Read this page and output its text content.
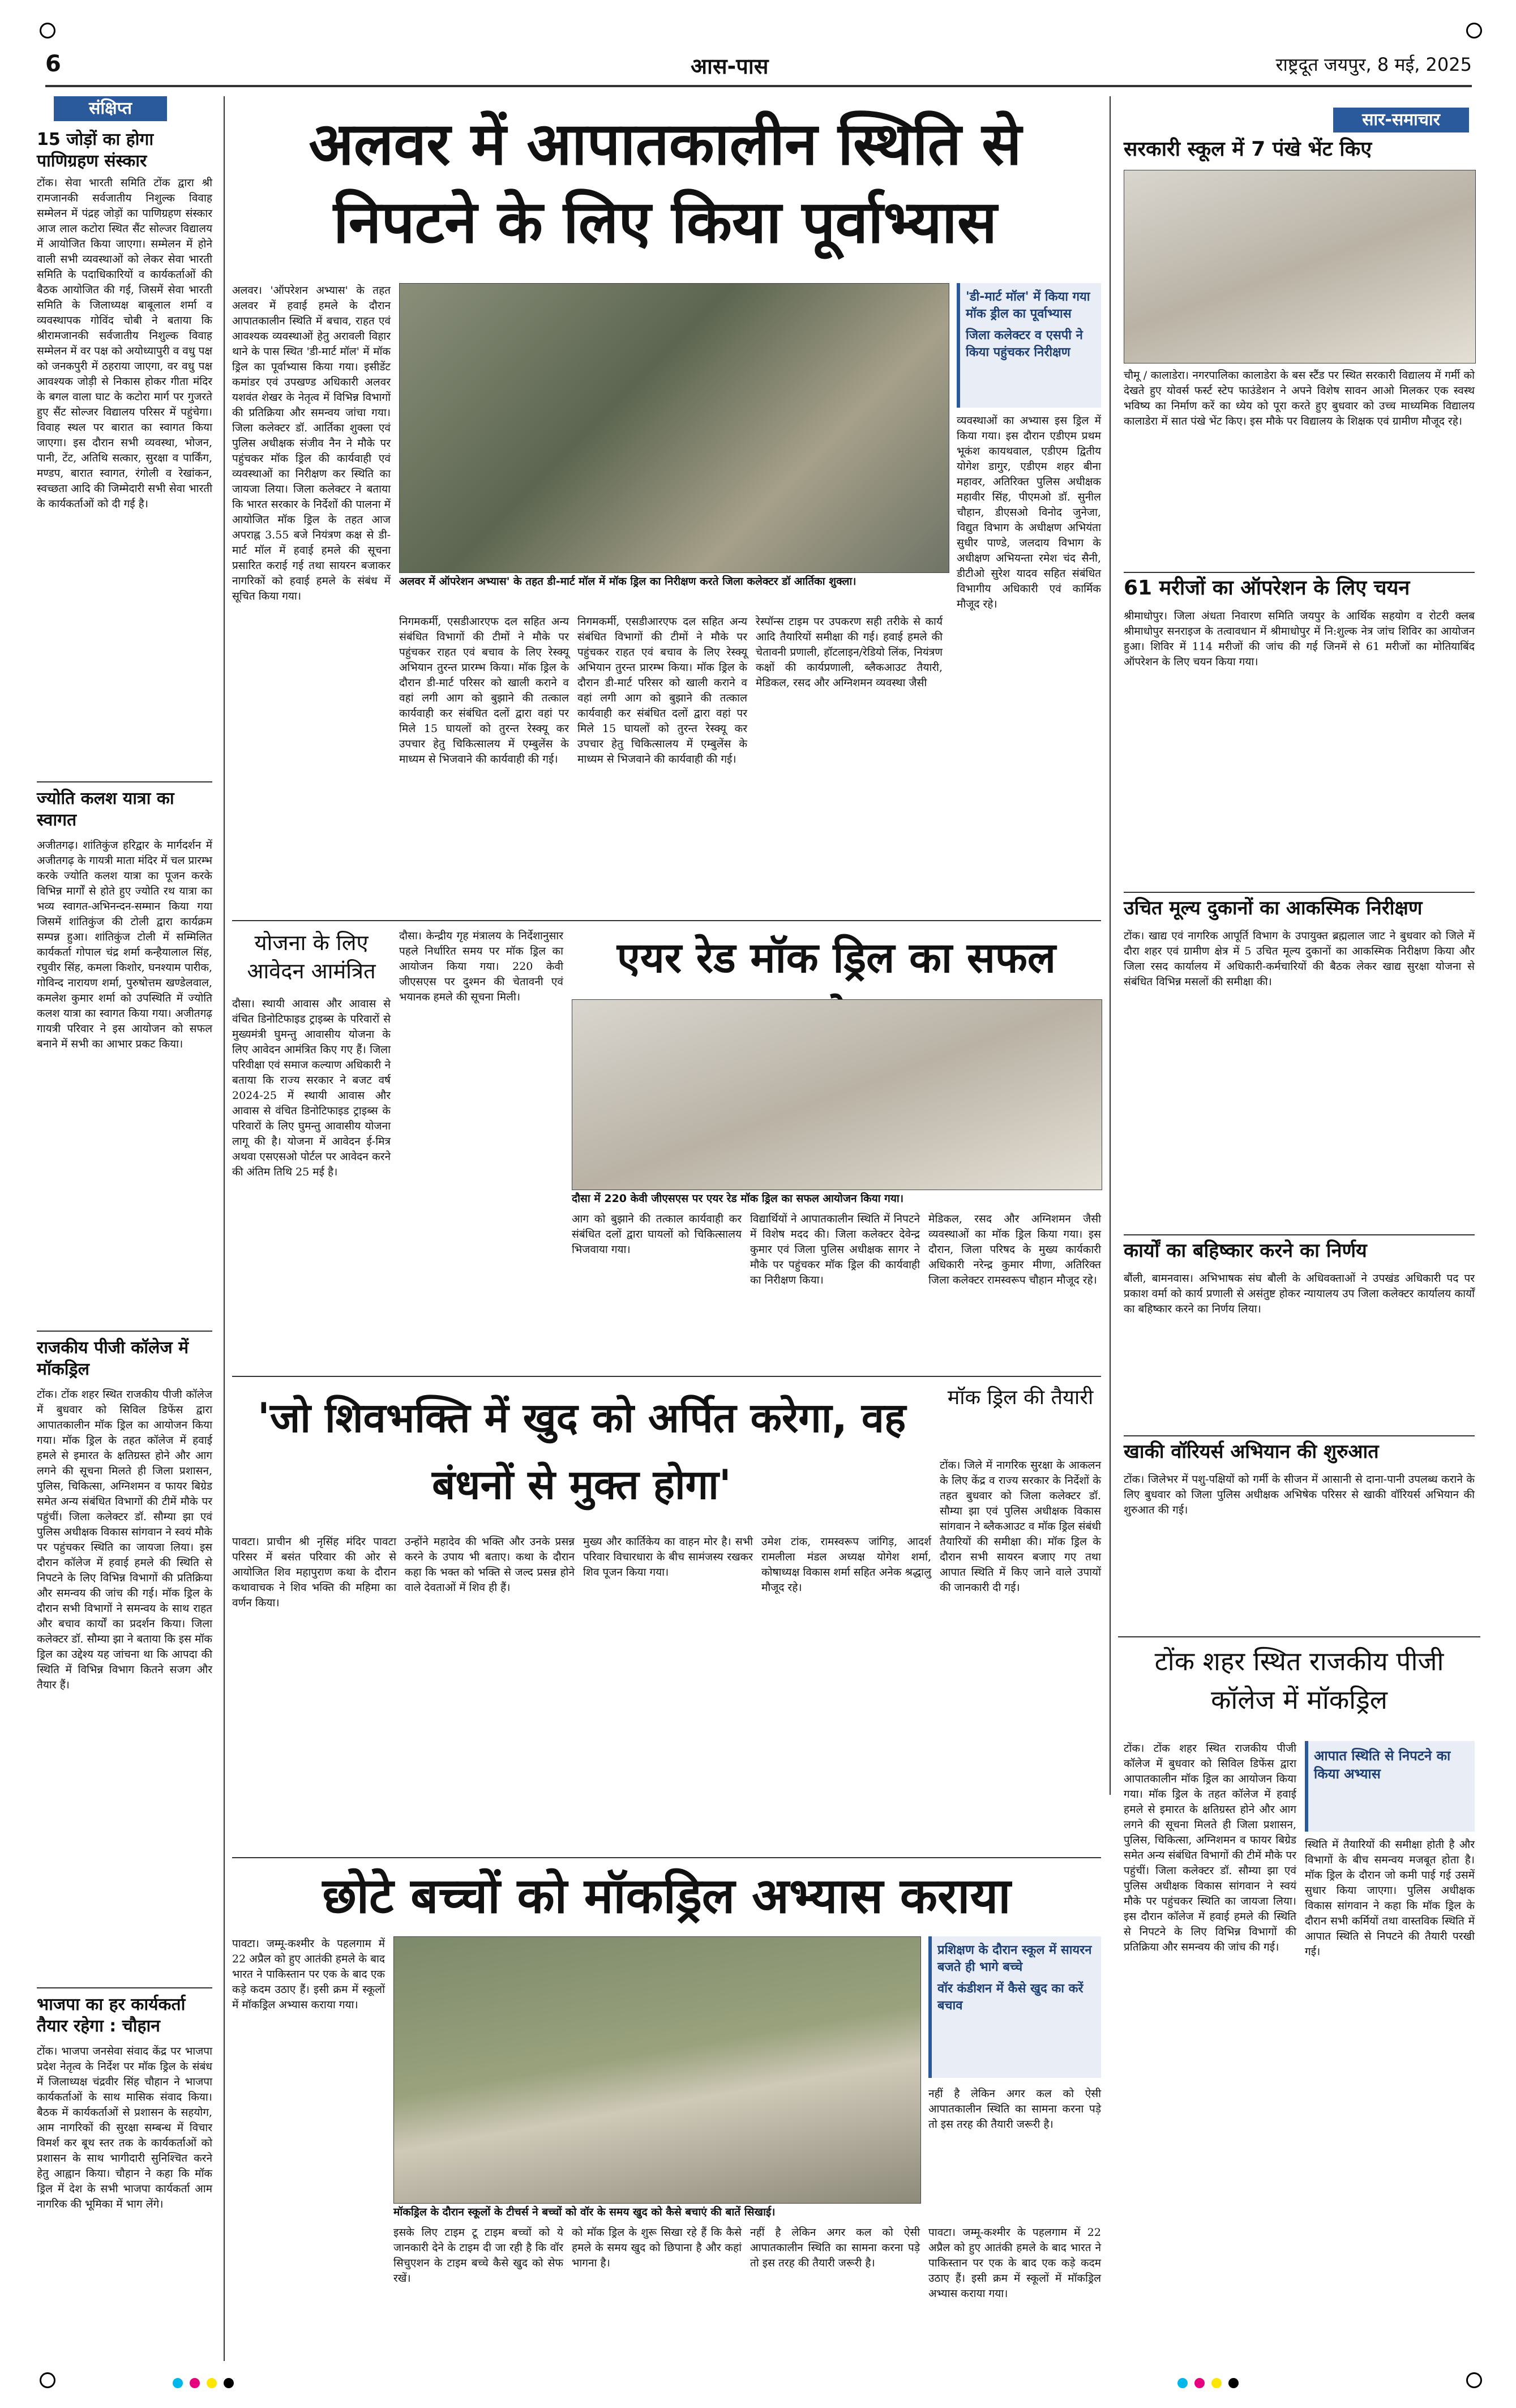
6	आस-पास	राष्ट्रदूत जयपुर, 8 मई, 2025
संक्षिप्त
15 जोड़ों का होगा पाणिग्रहण संस्कार
टोंक। सेवा भारती समिति टोंक द्वारा श्री रामजानकी सर्वजातीय निशुल्क विवाह सम्मेलन में पंद्रह जोड़ों का पाणिग्रहण संस्कार आज लाल कटोरा स्थित सैंट सोल्जर विद्यालय में आयोजित किया जाएगा। सम्मेलन में होने वाली सभी व्यवस्थाओं को लेकर सेवा भारती समिति के पदाधिकारियों व कार्यकर्ताओं की बैठक आयोजित की गई, जिसमें सेवा भारती समिति के जिलाध्यक्ष बाबूलाल शर्मा व व्यवस्थापक गोविंद चोबी ने बताया कि श्रीरामजानकी सर्वजातीय निशुल्क विवाह सम्मेलन में वर पक्ष को अयोध्यापुरी व वधु पक्ष को जनकपुरी में ठहराया जाएगा, वर वधु पक्ष आवश्यक जोड़ी से निकास होकर गीता मंदिर के बगल वाला घाट के कटोरा मार्ग पर गुजरते हुए सैंट सोल्जर विद्यालय परिसर में पहुंचेगा। विवाह स्थल पर बारात का स्वागत किया जाएगा। इस दौरान सभी व्यवस्था, भोजन, पानी, टेंट, अतिथि सत्कार, सुरक्षा व पार्किंग, मण्डप, बारात स्वागत, रंगोली व रेखांकन, स्वच्छता आदि की जिम्मेदारी सभी सेवा भारती के कार्यकर्ताओं को दी गई है।
ज्योति कलश यात्रा का स्वागत
अजीतगढ़। शांतिकुंज हरिद्वार के मार्गदर्शन में अजीतगढ़ के गायत्री माता मंदिर में चल प्रारम्भ करके ज्योति कलश यात्रा का पूजन करके विभिन्न मार्गों से होते हुए ज्योति रथ यात्रा का भव्य स्वागत-अभिनन्दन-सम्मान किया गया जिसमें शांतिकुंज की टोली द्वारा कार्यक्रम सम्पन्न हुआ। शांतिकुंज टोली में सम्मिलित कार्यकर्ता गोपाल चंद्र शर्मा कन्हैयालाल सिंह, रघुवीर सिंह, कमला किशोर, घनश्याम पारीक, गोविन्द नारायण शर्मा, पुरुषोत्तम खण्डेलवाल, कमलेश कुमार शर्मा को उपस्थिति में ज्योति कलश यात्रा का स्वागत किया गया। अजीतगढ़ गायत्री परिवार ने इस आयोजन को सफल बनाने में सभी का आभार प्रकट किया।
राजकीय पीजी कॉलेज में मॉकड्रिल
टोंक। टोंक शहर स्थित राजकीय पीजी कॉलेज में बुधवार को सिविल डिफेंस द्वारा आपातकालीन मॉक ड्रिल का आयोजन किया गया। मॉक ड्रिल के तहत कॉलेज में हवाई हमले से इमारत के क्षतिग्रस्त होने और आग लगने की सूचना मिलते ही जिला प्रशासन, पुलिस, चिकित्सा, अग्निशमन व फायर बिग्रेड समेत अन्य संबंधित विभागों की टीमें मौके पर पहुंचीं। जिला कलेक्टर डॉ. सौम्या झा एवं पुलिस अधीक्षक विकास सांगवान ने स्वयं मौके पर पहुंचकर स्थिति का जायजा लिया। इस दौरान कॉलेज में हवाई हमले की स्थिति से निपटने के लिए विभिन्न विभागों की प्रतिक्रिया और समन्वय की जांच की गई। मॉक ड्रिल के दौरान सभी विभागों ने समन्वय के साथ राहत और बचाव कार्यों का प्रदर्शन किया। जिला कलेक्टर डॉ. सौम्या झा ने बताया कि इस मॉक ड्रिल का उद्देश्य यह जांचना था कि आपदा की स्थिति में विभिन्न विभाग कितने सजग और तैयार हैं।
भाजपा का हर कार्यकर्ता तैयार रहेगा : चौहान
टोंक। भाजपा जनसेवा संवाद केंद्र पर भाजपा प्रदेश नेतृत्व के निर्देश पर मॉक ड्रिल के संबंध में जिलाध्यक्ष चंद्रवीर सिंह चौहान ने भाजपा कार्यकर्ताओं के साथ मासिक संवाद किया। बैठक में कार्यकर्ताओं से प्रशासन के सहयोग, आम नागरिकों की सुरक्षा सम्बन्ध में विचार विमर्श कर बूथ स्तर तक के कार्यकर्ताओं को प्रशासन के साथ भागीदारी सुनिश्चित करने हेतु आह्वान किया। चौहान ने कहा कि मॉक ड्रिल में देश के सभी भाजपा कार्यकर्ता आम नागरिक की भूमिका में भाग लेंगे।
अलवर में आपातकालीन स्थिति से निपटने के लिए किया पूर्वाभ्यास
अलवर। 'ऑपरेशन अभ्यास' के तहत अलवर में हवाई हमले के दौरान आपातकालीन स्थिति में बचाव, राहत एवं आवश्यक व्यवस्थाओं हेतु अरावली विहार थाने के पास स्थित 'डी-मार्ट मॉल' में मॉक ड्रिल का पूर्वाभ्यास किया गया। इसीडेंट कमांडर एवं उपखण्ड अधिकारी अलवर यशवंत शेखर के नेतृत्व में विभिन्न विभागों की प्रतिक्रिया और समन्वय जांचा गया। जिला कलेक्टर डॉ. आर्तिका शुक्ला एवं पुलिस अधीक्षक संजीव नैन ने मौके पर पहुंचकर मॉक ड्रिल की कार्यवाही एवं व्यवस्थाओं का निरीक्षण कर स्थिति का जायजा लिया। जिला कलेक्टर ने बताया कि भारत सरकार के निर्देशों की पालना में आयोजित मॉक ड्रिल के तहत आज अपराह्न 3.55 बजे नियंत्रण कक्ष से डी-मार्ट मॉल में हवाई हमले की सूचना प्रसारित कराई गई तथा सायरन बजाकर नागरिकों को हवाई हमले के संबंध में सूचित किया गया।
अलवर में ऑपरेशन अभ्यास' के तहत डी-मार्ट मॉल में मॉक ड्रिल का निरीक्षण करते जिला कलेक्टर डॉ आर्तिका शुक्ला।
निगमकर्मी, एसडीआरएफ दल सहित अन्य संबंधित विभागों की टीमों ने मौके पर पहुंचकर राहत एवं बचाव के लिए रेस्क्यू अभियान तुरन्त प्रारम्भ किया। मॉक ड्रिल के दौरान डी-मार्ट परिसर को खाली कराने व वहां लगी आग को बुझाने की तत्काल कार्यवाही कर संबंधित दलों द्वारा वहां पर मिले 15 घायलों को तुरन्त रेस्क्यू कर उपचार हेतु चिकित्सालय में एम्बुलेंस के माध्यम से भिजवाने की कार्यवाही की गई।
निगमकर्मी, एसडीआरएफ दल सहित अन्य संबंधित विभागों की टीमों ने मौके पर पहुंचकर राहत एवं बचाव के लिए रेस्क्यू अभियान तुरन्त प्रारम्भ किया। मॉक ड्रिल के दौरान डी-मार्ट परिसर को खाली कराने व वहां लगी आग को बुझाने की तत्काल कार्यवाही कर संबंधित दलों द्वारा वहां पर मिले 15 घायलों को तुरन्त रेस्क्यू कर उपचार हेतु चिकित्सालय में एम्बुलेंस के माध्यम से भिजवाने की कार्यवाही की गई।
रेस्पॉन्स टाइम पर उपकरण सही तरीके से कार्य आदि तैयारियों समीक्षा की गई। हवाई हमले की चेतावनी प्रणाली, हॉटलाइन/रेडियो लिंक, नियंत्रण कक्षों की कार्यप्रणाली, ब्लैकआउट तैयारी, मेडिकल, रसद और अग्निशमन व्यवस्था जैसी
'डी-मार्ट मॉल' में किया गया मॉक ड्रील का पूर्वाभ्यास
जिला कलेक्टर व एसपी ने किया पहुंचकर निरीक्षण
व्यवस्थाओं का अभ्यास इस ड्रिल में किया गया। इस दौरान एडीएम प्रथम भूकंश कायथवाल, एडीएम द्वितीय योगेश डागुर, एडीएम शहर बीना महावर, अतिरिक्त पुलिस अधीक्षक महावीर सिंह, पीएमओ डॉ. सुनील चौहान, डीएसओ विनोद जुनेजा, विद्युत विभाग के अधीक्षण अभियंता सुधीर पाण्डे, जलदाय विभाग के अधीक्षण अभियन्ता रमेश चंद सैनी, डीटीओ सुरेश यादव सहित संबंधित विभागीय अधिकारी एवं कार्मिक मौजूद रहे।
योजना के लिए आवेदन आमंत्रित
दौसा। स्थायी आवास और आवास से वंचित डिनोटिफाइड ट्राइब्स के परिवारों से मुख्यमंत्री घुमन्तु आवासीय योजना के लिए आवेदन आमंत्रित किए गए हैं। जिला परिवीक्षा एवं समाज कल्याण अधिकारी ने बताया कि राज्य सरकार ने बजट वर्ष 2024-25 में स्थायी आवास और आवास से वंचित डिनोटिफाइड ट्राइब्स के परिवारों के लिए घुमन्तु आवासीय योजना लागू की है। योजना में आवेदन ई-मित्र अथवा एसएसओ पोर्टल पर आवेदन करने की अंतिम तिथि 25 मई है।
दौसा। केन्द्रीय गृह मंत्रालय के निर्देशानुसार पहले निर्धारित समय पर मॉक ड्रिल का आयोजन किया गया। 220 केवी जीएसएस पर दुश्मन की चेतावनी एवं भयानक हमले की सूचना मिली।
एयर रेड मॉक ड्रिल का सफल
दौसा में 220 केवी जीएसएस पर एयर रेड मॉक ड्रिल का सफल आयोजन किया गया।
आग को बुझाने की तत्काल कार्यवाही कर संबंधित दलों द्वारा घायलों को चिकित्सालय भिजवाया गया।
विद्यार्थियों ने आपातकालीन स्थिति में निपटने में विशेष मदद की। जिला कलेक्टर देवेन्द्र कुमार एवं जिला पुलिस अधीक्षक सागर ने मौके पर पहुंचकर मॉक ड्रिल की कार्यवाही का निरीक्षण किया।
मेडिकल, रसद और अग्निशमन जैसी व्यवस्थाओं का मॉक ड्रिल किया गया। इस दौरान, जिला परिषद के मुख्य कार्यकारी अधिकारी नरेन्द्र कुमार मीणा, अतिरिक्त जिला कलेक्टर रामस्वरूप चौहान मौजूद रहे।
'जो शिवभक्ति में खुद को अर्पित करेगा, वह बंधनों से मुक्त होगा'
पावटा। प्राचीन श्री नृसिंह मंदिर पावटा परिसर में बसंत परिवार की ओर से आयोजित शिव महापुराण कथा के दौरान कथावाचक ने शिव भक्ति की महिमा का वर्णन किया।
उन्होंने महादेव की भक्ति और उनके प्रसन्न करने के उपाय भी बताए। कथा के दौरान कहा कि भक्त को भक्ति से जल्द प्रसन्न होने वाले देवताओं में शिव ही हैं।
मुख्य और कार्तिकेय का वाहन मोर है। सभी परिवार विचारधारा के बीच सामंजस्य रखकर शिव पूजन किया गया।
उमेश टांक, रामस्वरूप जांगिड़, आदर्श रामलीला मंडल अध्यक्ष योगेश शर्मा, कोषाध्यक्ष विकास शर्मा सहित अनेक श्रद्धालु मौजूद रहे।
मॉक ड्रिल की तैयारी
टोंक। जिले में नागरिक सुरक्षा के आकलन के लिए केंद्र व राज्य सरकार के निर्देशों के तहत बुधवार को जिला कलेक्टर डॉ. सौम्या झा एवं पुलिस अधीक्षक विकास सांगवान ने ब्लैकआउट व मॉक ड्रिल संबंधी तैयारियों की समीक्षा की। मॉक ड्रिल के दौरान सभी सायरन बजाए गए तथा आपात स्थिति में किए जाने वाले उपायों की जानकारी दी गई।
छोटे बच्चों को मॉकड्रिल अभ्यास कराया
पावटा। जम्मू-कश्मीर के पहलगाम में 22 अप्रैल को हुए आतंकी हमले के बाद भारत ने पाकिस्तान पर एक के बाद एक कड़े कदम उठाए हैं। इसी क्रम में स्कूलों में मॉकड्रिल अभ्यास कराया गया।
मॉकड्रिल के दौरान स्कूलों के टीचर्स ने बच्चों को वॉर के समय खुद को कैसे बचाएं की बातें सिखाई।
प्रशिक्षण के दौरान स्कूल में सायरन बजते ही भागे बच्चे
वॉर कंडीशन में कैसे खुद का करें बचाव
नहीं है लेकिन अगर कल को ऐसी आपातकालीन स्थिति का सामना करना पड़े तो इस तरह की तैयारी जरूरी है।
इसके लिए टाइम टू टाइम बच्चों को ये जानकारी देने के टाइम दी जा रही है कि वॉर सिचुएशन के टाइम बच्चे कैसे खुद को सेफ रखें।
को मॉक ड्रिल के शुरू सिखा रहे हैं कि कैसे हमले के समय खुद को छिपाना है और कहां भागना है।
नहीं है लेकिन अगर कल को ऐसी आपातकालीन स्थिति का सामना करना पड़े तो इस तरह की तैयारी जरूरी है।
पावटा। जम्मू-कश्मीर के पहलगाम में 22 अप्रैल को हुए आतंकी हमले के बाद भारत ने पाकिस्तान पर एक के बाद एक कड़े कदम उठाए हैं। इसी क्रम में स्कूलों में मॉकड्रिल अभ्यास कराया गया।
सार-समाचार
सरकारी स्कूल में 7 पंखे भेंट किए
चौमू / कालाडेरा। नगरपालिका कालाडेरा के बस स्टैंड पर स्थित सरकारी विद्यालय में गर्मी को देखते हुए योवर्स फर्स्ट स्टेप फाउंडेशन ने अपने विशेष सावन आओ मिलकर एक स्वस्थ भविष्य का निर्माण करें का ध्येय को पूरा करते हुए बुधवार को उच्च माध्यमिक विद्यालय कालाडेरा में सात पंखे भेंट किए। इस मौके पर विद्यालय के शिक्षक एवं ग्रामीण मौजूद रहे।
61 मरीजों का ऑपरेशन के लिए चयन
श्रीमाधोपुर। जिला अंधता निवारण समिति जयपुर के आर्थिक सहयोग व रोटरी क्लब श्रीमाधोपुर सनराइज के तत्वावधान में श्रीमाधोपुर में नि:शुल्क नेत्र जांच शिविर का आयोजन हुआ। शिविर में 114 मरीजों की जांच की गई जिनमें से 61 मरीजों का मोतियाबिंद ऑपरेशन के लिए चयन किया गया।
उचित मूल्य दुकानों का आकस्मिक निरीक्षण
टोंक। खाद्य एवं नागरिक आपूर्ति विभाग के उपायुक्त ब्रह्मलाल जाट ने बुधवार को जिले में दौरा शहर एवं ग्रामीण क्षेत्र में 5 उचित मूल्य दुकानों का आकस्मिक निरीक्षण किया और जिला रसद कार्यालय में अधिकारी-कर्मचारियों की बैठक लेकर खाद्य सुरक्षा योजना से संबंधित विभिन्न मसलों की समीक्षा की।
कार्यों का बहिष्कार करने का निर्णय
बौंली, बामनवास। अभिभाषक संघ बौली के अधिवक्ताओं ने उपखंड अधिकारी पद पर प्रकाश वर्मा को कार्य प्रणाली से असंतुष्ट होकर न्यायालय उप जिला कलेक्टर कार्यालय कार्यों का बहिष्कार करने का निर्णय लिया।
खाकी वॉरियर्स अभियान की शुरुआत
टोंक। जिलेभर में पशु-पक्षियों को गर्मी के सीजन में आसानी से दाना-पानी उपलब्ध कराने के लिए बुधवार को जिला पुलिस अधीक्षक अभिषेक परिसर से खाकी वॉरियर्स अभियान की शुरुआत की गई।
टोंक शहर स्थित राजकीय पीजी कॉलेज में मॉकड्रिल
टोंक। टोंक शहर स्थित राजकीय पीजी कॉलेज में बुधवार को सिविल डिफेंस द्वारा आपातकालीन मॉक ड्रिल का आयोजन किया गया। मॉक ड्रिल के तहत कॉलेज में हवाई हमले से इमारत के क्षतिग्रस्त होने और आग लगने की सूचना मिलते ही जिला प्रशासन, पुलिस, चिकित्सा, अग्निशमन व फायर बिग्रेड समेत अन्य संबंधित विभागों की टीमें मौके पर पहुंचीं। जिला कलेक्टर डॉ. सौम्या झा एवं पुलिस अधीक्षक विकास सांगवान ने स्वयं मौके पर पहुंचकर स्थिति का जायजा लिया। इस दौरान कॉलेज में हवाई हमले की स्थिति से निपटने के लिए विभिन्न विभागों की प्रतिक्रिया और समन्वय की जांच की गई।
आपात स्थिति से निपटने का किया अभ्यास
स्थिति में तैयारियों की समीक्षा होती है और विभागों के बीच समन्वय मजबूत होता है। मॉक ड्रिल के दौरान जो कमी पाई गई उसमें सुधार किया जाएगा। पुलिस अधीक्षक विकास सांगवान ने कहा कि मॉक ड्रिल के दौरान सभी कर्मियों तथा वास्तविक स्थिति में आपात स्थिति से निपटने की तैयारी परखी गई।
